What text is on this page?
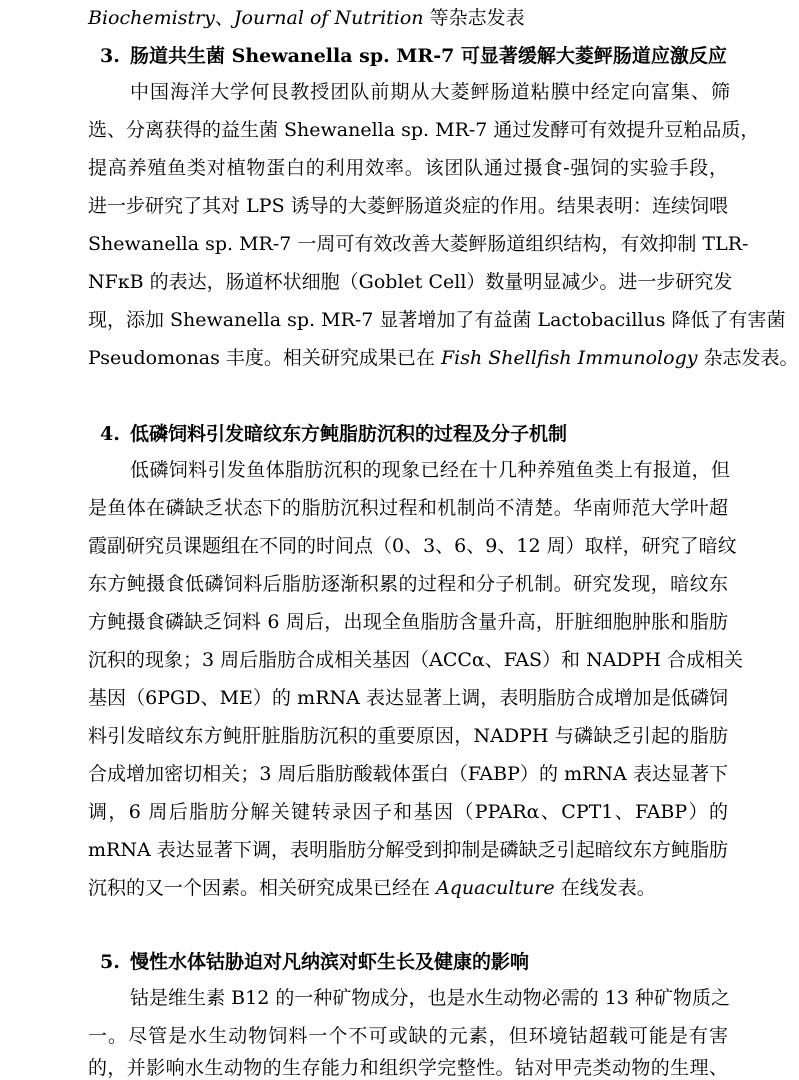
Biochemistry、Journal of Nutrition 等杂志发表
3. 肠道共生菌 Shewanella sp. MR-7 可显著缓解大菱鲆肠道应激反应
中国海洋大学何艮教授团队前期从大菱鲆肠道粘膜中经定向富集、筛
选、分离获得的益生菌 Shewanella sp. MR-7 通过发酵可有效提升豆粕品质，
提高养殖鱼类对植物蛋白的利用效率。该团队通过摄食-强饲的实验手段，
进一步研究了其对 LPS 诱导的大菱鲆肠道炎症的作用。结果表明：连续饲喂
Shewanella sp. MR-7 一周可有效改善大菱鲆肠道组织结构，有效抑制 TLR-
NFκB 的表达，肠道杯状细胞（Goblet Cell）数量明显减少。进一步研究发
现，添加 Shewanella sp. MR-7 显著增加了有益菌 Lactobacillus 降低了有害菌
Pseudomonas 丰度。相关研究成果已在 Fish Shellfish Immunology 杂志发表。
4. 低磷饲料引发暗纹东方鲀脂肪沉积的过程及分子机制
低磷饲料引发鱼体脂肪沉积的现象已经在十几种养殖鱼类上有报道，但
是鱼体在磷缺乏状态下的脂肪沉积过程和机制尚不清楚。华南师范大学叶超
霞副研究员课题组在不同的时间点（0、3、6、9、12 周）取样，研究了暗纹
东方鲀摄食低磷饲料后脂肪逐渐积累的过程和分子机制。研究发现，暗纹东
方鲀摄食磷缺乏饲料 6 周后，出现全鱼脂肪含量升高，肝脏细胞肿胀和脂肪
沉积的现象；3 周后脂肪合成相关基因（ACCα、FAS）和 NADPH 合成相关
基因（6PGD、ME）的 mRNA 表达显著上调，表明脂肪合成增加是低磷饲
料引发暗纹东方鲀肝脏脂肪沉积的重要原因，NADPH 与磷缺乏引起的脂肪
合成增加密切相关；3 周后脂肪酸载体蛋白（FABP）的 mRNA 表达显著下
调，6 周后脂肪分解关键转录因子和基因（PPARα、CPT1、FABP）的
mRNA 表达显著下调，表明脂肪分解受到抑制是磷缺乏引起暗纹东方鲀脂肪
沉积的又一个因素。相关研究成果已经在 Aquaculture 在线发表。
5. 慢性水体钴胁迫对凡纳滨对虾生长及健康的影响
钴是维生素 B12 的一种矿物成分，也是水生动物必需的 13 种矿物质之
一。尽管是水生动物饲料一个不可或缺的元素，但环境钴超载可能是有害
的，并影响水生动物的生存能力和组织学完整性。钴对甲壳类动物的生理、
